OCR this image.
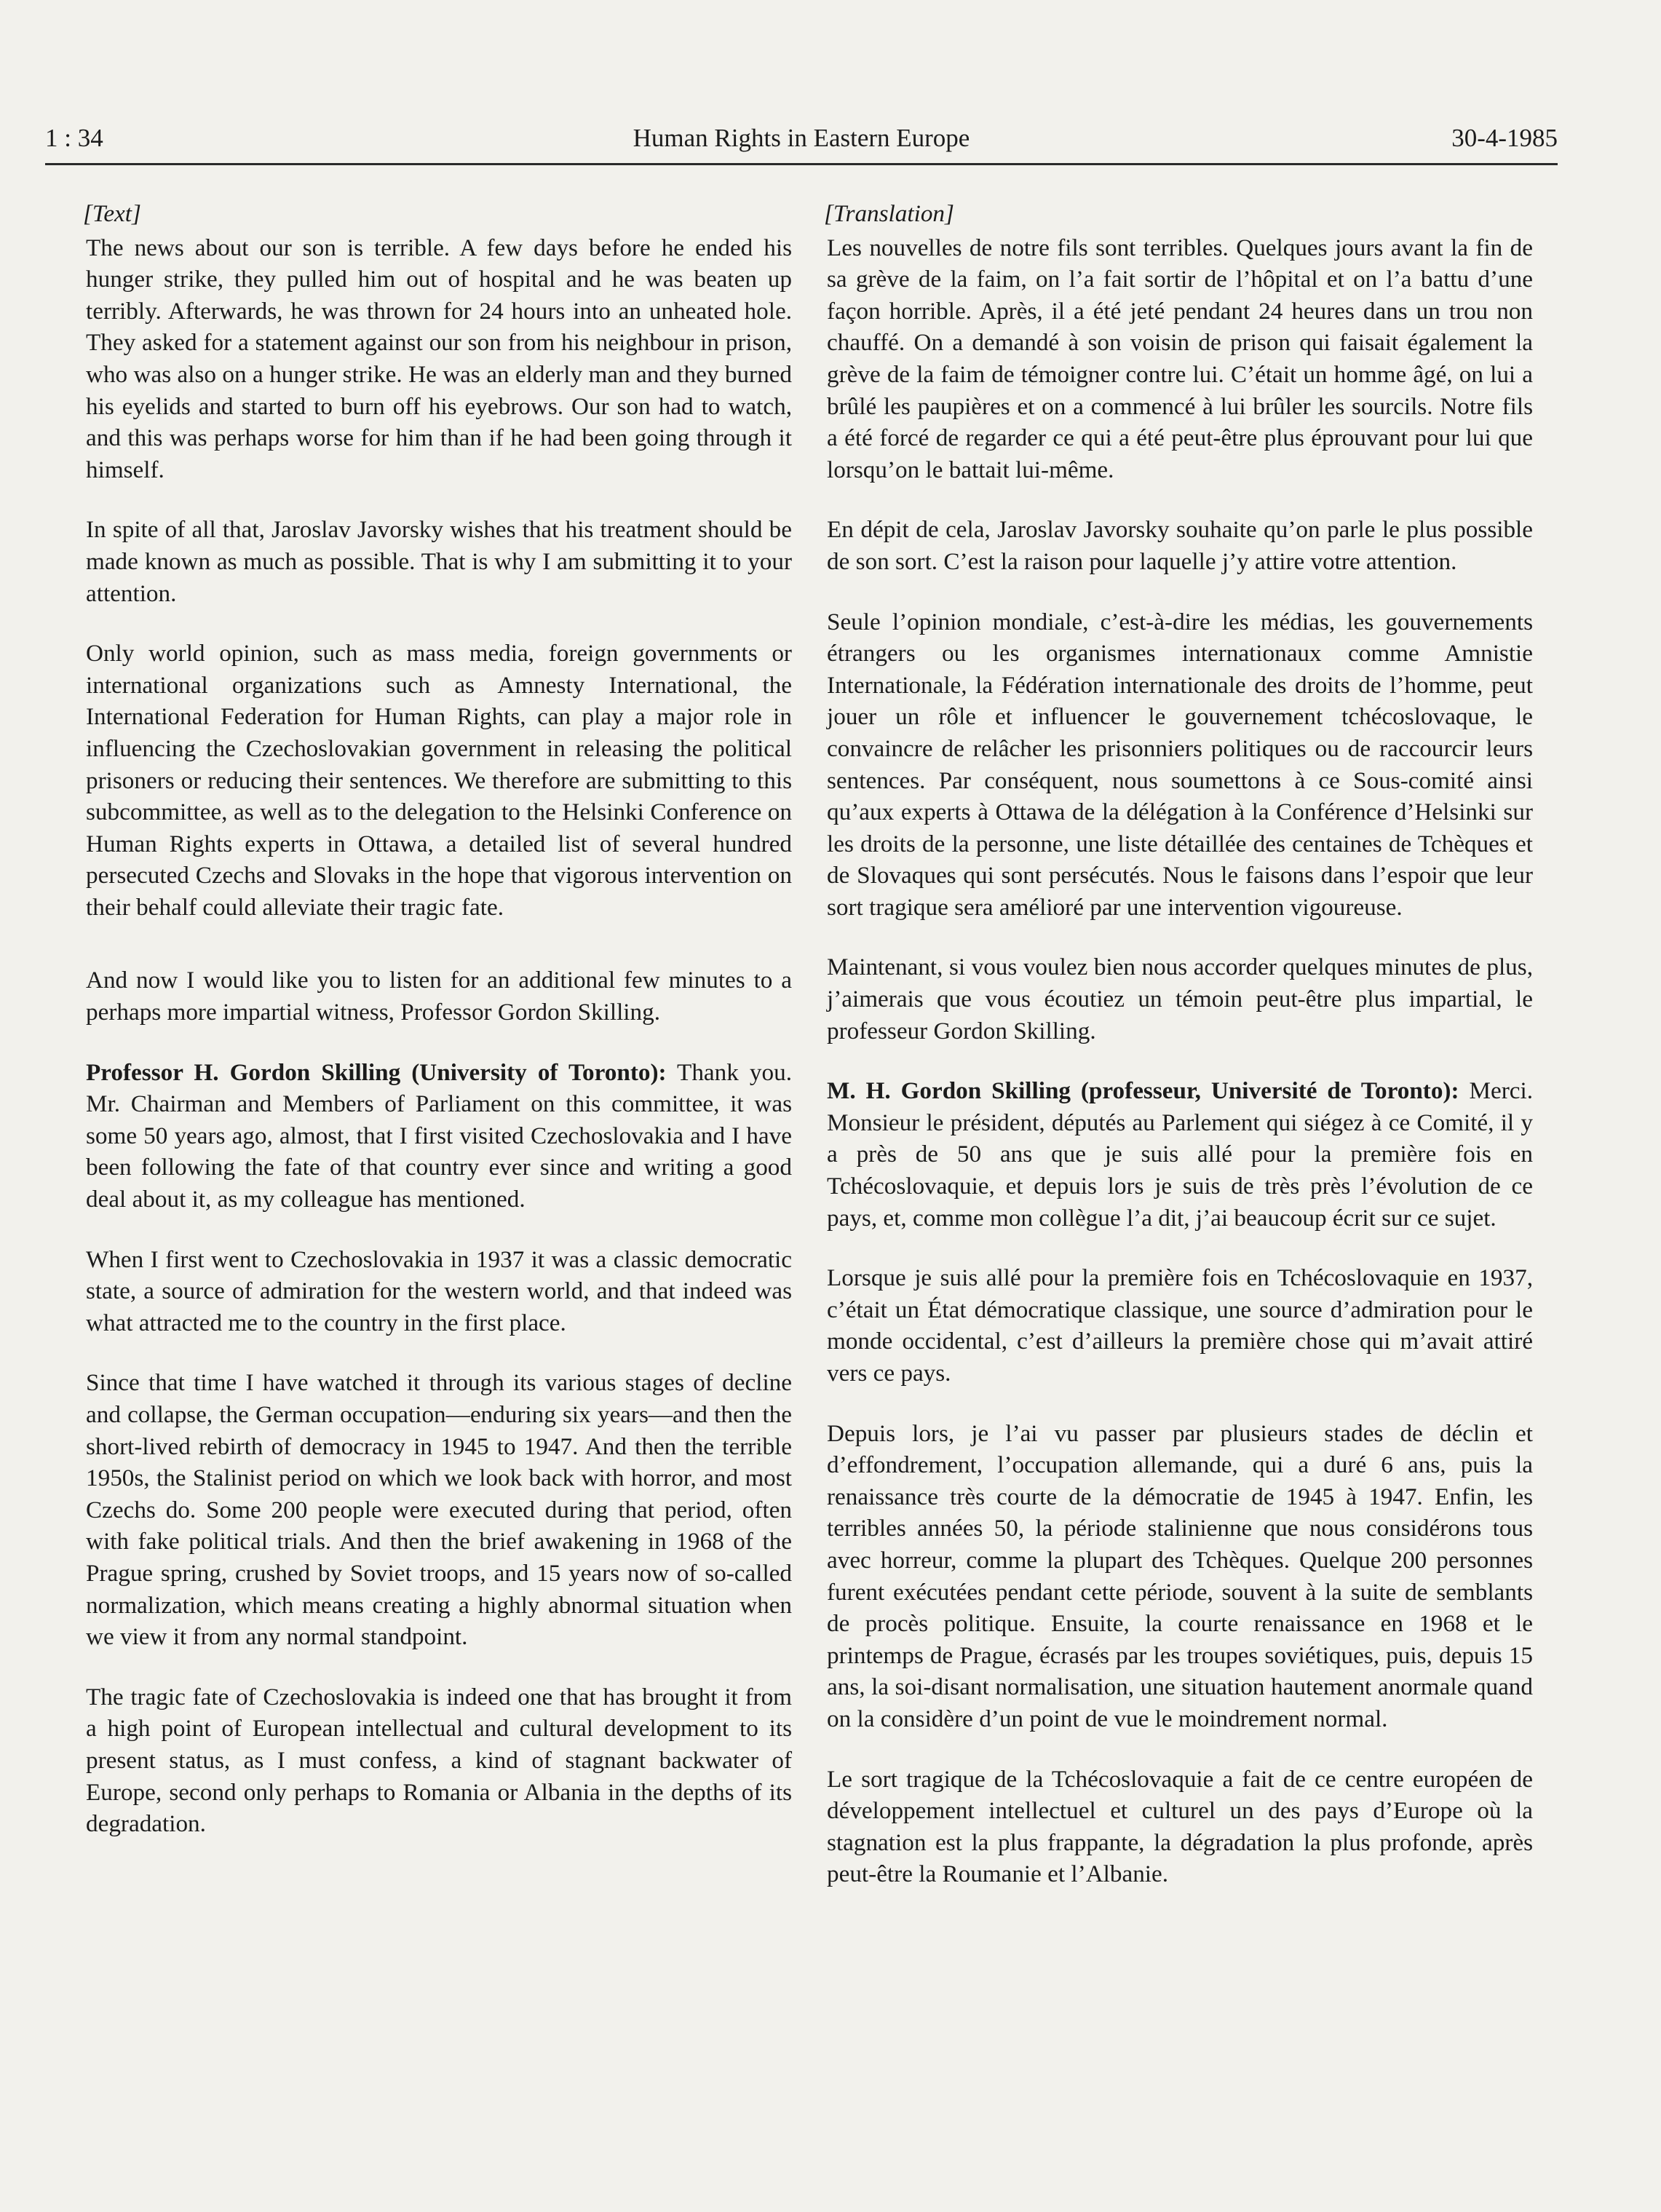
1 : 34	Human Rights in Eastern Europe	30-4-1985
[Text]

The news about our son is terrible. A few days before he ended his hunger strike, they pulled him out of hospital and he was beaten up terribly. Afterwards, he was thrown for 24 hours into an unheated hole. They asked for a statement against our son from his neighbour in prison, who was also on a hunger strike. He was an elderly man and they burned his eyelids and started to burn off his eyebrows. Our son had to watch, and this was perhaps worse for him than if he had been going through it himself.

In spite of all that, Jaroslav Javorsky wishes that his treatment should be made known as much as possible. That is why I am submitting it to your attention.

Only world opinion, such as mass media, foreign governments or international organizations such as Amnesty International, the International Federation for Human Rights, can play a major role in influencing the Czechoslovakian government in releasing the political prisoners or reducing their sentences. We therefore are submitting to this subcommittee, as well as to the delegation to the Helsinki Conference on Human Rights experts in Ottawa, a detailed list of several hundred persecuted Czechs and Slovaks in the hope that vigorous intervention on their behalf could alleviate their tragic fate.

And now I would like you to listen for an additional few minutes to a perhaps more impartial witness, Professor Gordon Skilling.

Professor H. Gordon Skilling (University of Toronto): Thank you. Mr. Chairman and Members of Parliament on this committee, it was some 50 years ago, almost, that I first visited Czechoslovakia and I have been following the fate of that country ever since and writing a good deal about it, as my colleague has mentioned.

When I first went to Czechoslovakia in 1937 it was a classic democratic state, a source of admiration for the western world, and that indeed was what attracted me to the country in the first place.

Since that time I have watched it through its various stages of decline and collapse, the German occupation—enduring six years—and then the short-lived rebirth of democracy in 1945 to 1947. And then the terrible 1950s, the Stalinist period on which we look back with horror, and most Czechs do. Some 200 people were executed during that period, often with fake political trials. And then the brief awakening in 1968 of the Prague spring, crushed by Soviet troops, and 15 years now of so-called normalization, which means creating a highly abnormal situation when we view it from any normal standpoint.

The tragic fate of Czechoslovakia is indeed one that has brought it from a high point of European intellectual and cultural development to its present status, as I must confess, a kind of stagnant backwater of Europe, second only perhaps to Romania or Albania in the depths of its degradation.

[Translation]

Les nouvelles de notre fils sont terribles. Quelques jours avant la fin de sa grève de la faim, on l’a fait sortir de l’hôpital et on l’a battu d’une façon horrible. Après, il a été jeté pendant 24 heures dans un trou non chauffé. On a demandé à son voisin de prison qui faisait également la grève de la faim de témoigner contre lui. C’était un homme âgé, on lui a brûlé les paupières et on a commencé à lui brûler les sourcils. Notre fils a été forcé de regarder ce qui a été peut-être plus éprouvant pour lui que lorsqu’on le battait lui-même.

En dépit de cela, Jaroslav Javorsky souhaite qu’on parle le plus possible de son sort. C’est la raison pour laquelle j’y attire votre attention.

Seule l’opinion mondiale, c’est-à-dire les médias, les gouvernements étrangers ou les organismes internationaux comme Amnistie Internationale, la Fédération internationale des droits de l’homme, peut jouer un rôle et influencer le gouvernement tchécoslovaque, le convaincre de relâcher les prisonniers politiques ou de raccourcir leurs sentences. Par conséquent, nous soumettons à ce Sous-comité ainsi qu’aux experts à Ottawa de la délégation à la Conférence d’Helsinki sur les droits de la personne, une liste détaillée des centaines de Tchèques et de Slovaques qui sont persécutés. Nous le faisons dans l’espoir que leur sort tragique sera amélioré par une intervention vigoureuse.

Maintenant, si vous voulez bien nous accorder quelques minutes de plus, j’aimerais que vous écoutiez un témoin peut-être plus impartial, le professeur Gordon Skilling.

M. H. Gordon Skilling (professeur, Université de Toronto): Merci. Monsieur le président, députés au Parlement qui siégez à ce Comité, il y a près de 50 ans que je suis allé pour la première fois en Tchécoslovaquie, et depuis lors je suis de très près l’évolution de ce pays, et, comme mon collègue l’a dit, j’ai beaucoup écrit sur ce sujet.

Lorsque je suis allé pour la première fois en Tchécoslovaquie en 1937, c’était un État démocratique classique, une source d’admiration pour le monde occidental, c’est d’ailleurs la première chose qui m’avait attiré vers ce pays.

Depuis lors, je l’ai vu passer par plusieurs stades de déclin et d’effondrement, l’occupation allemande, qui a duré 6 ans, puis la renaissance très courte de la démocratie de 1945 à 1947. Enfin, les terribles années 50, la période stalinienne que nous considérons tous avec horreur, comme la plupart des Tchèques. Quelque 200 personnes furent exécutées pendant cette période, souvent à la suite de semblants de procès politique. Ensuite, la courte renaissance en 1968 et le printemps de Prague, écrasés par les troupes soviétiques, puis, depuis 15 ans, la soi-disant normalisation, une situation hautement anormale quand on la considère d’un point de vue le moindrement normal.

Le sort tragique de la Tchécoslovaquie a fait de ce centre européen de développement intellectuel et culturel un des pays d’Europe où la stagnation est la plus frappante, la dégradation la plus profonde, après peut-être la Roumanie et l’Albanie.
